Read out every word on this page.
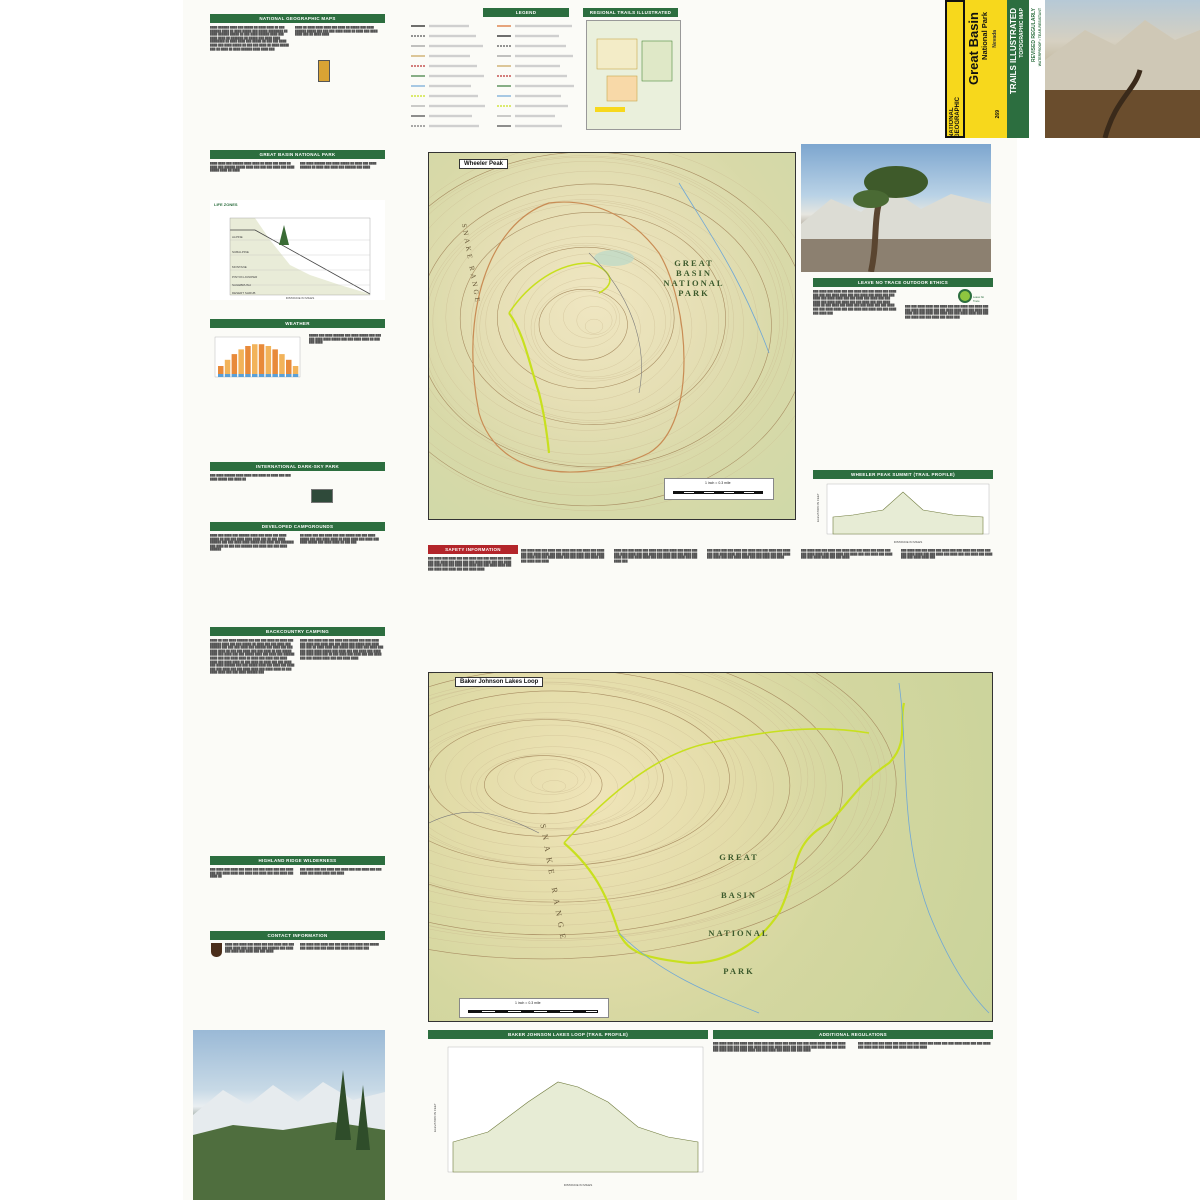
NATIONAL GEOGRAPHIC MAPS
████ ██████ ████ ███ █████ ██ ████ ████ ██ ███ ██████ ████ ██ ████ █████ ███ █████ ████████ ██ ████ ██████ █████ ██ ███ ████ ██████ ████ ███ ████ ████ ██ ███████ ██ █████ ███ ████ ████ ████████ ██ ████ ████ ███ █████ ██ ███ ███ ████ ████ ███ ████ █████ ██ ███ ███ ████ ██ ████ █████ ███ ██ ████ ██ ████ ██████ ████ ████ ███
████ ██ ████ ████ ████ ███ ████ ██ █████ ███ ████ ██████ █████ ███ ███ ███ ████ ████ ██ ████ ███ ████ ████ ███ ██ ████ ████
GREAT BASIN NATIONAL PARK
████ ████ ███ ██████ ████ ████ ██ ████ ███ ████ ██ ████ ███ ██████ █████ ████ ███ ███ ███ ████ ███ ████ █████ ████ ██ ████
███ ████ ██████ ███ ████ █████ ██ ████ ███ ████ ██████ ██ ████ ███ ████ ███ ██████ ███ ████
LIFE ZONES
ALPINE
SUBALPINE
MONTANE
PINYON-JUNIPER
SAGEBRUSH
DESERT SHRUB
DISTANCE IN MILES
WEATHER
█████ ███ ████ ██████ ███ ████ █████ ███ ███ ███ ████ ████ █████ ███ ███ ████ ████ ██ ███ ███ ████
INTERNATIONAL DARK-SKY PARK
███ ████ ██████ ████ ████ ███ ████ ██ ████ ███ ███ ████ █████ ███ ████ ██
DEVELOPED CAMPGROUNDS
████ ███ ████ ███ ██████ ████ ███ ████ ███ ████ █████ ██ ███ ███ ████ ████ ████ ███ ██ ███ ████ ██████ ███ ███ ████ ████ █████ ███ ████ ███ ███████ ███ ████ ██ ███ ███ ██████ ███ ████ ███ ███ ████ ██████
██ ████ ███ ███ ████ ███ ███ █████ ███ ███ ████ █████ ███ ███ ████ ████ ██ ████ ████ ███ ████ ███ ████ █████ ███ ████ ████ ██ ███ ███
BACKCOUNTRY CAMPING
████ ██ ███ ████ ██████ ███ ███ ███ ████ ██ ████ ███ ██████ ████ ███ ███ █████ ██ ████ ███ ███ ████ ███ ██████ ███ ███ ███ ████ ███ ██████ ███ ████ ███ ███ ████ ████ ██ ███ ███ ████ ███ ███ ████ ██ ███ █████ ████ ███ ████ ███ ███ █████ ████ ███ ████ ███ ██████ ████ ███ ███ ████ ████ ██ ████ ███ ████ ███ ████ ████ ███ ████ ████ ██ ███ ████ ██ ████ ███ ███ ████ ███ ████ ██████ ███ ███ █████ ████ ███ ████ ███ ████ ███ ███ ████ ███ ███ ████ ████ ███ ████ ████ ██ ███ ████ ████ ███ ███ ████ ██████ ███
████ ███ ████ ███ ███ ████ ███ █████ ███ ███ ████ ███ ████ ███ ████ ███ ███ ████ ███ █████ ███ ████ ███ ███ ██ ████ ████ ███ █████ ███ ████ ███ ████ ███ ███ ████ ████ █████ ███ ████ ███ ███ ████ ███ ████ ███ ████ ████ ███ ██ ███ ████ ███ ████ ███ ███ ████ ███ ███ █████ ████ ███ ███ ████ ████
HIGHLAND RIDGE WILDERNESS
███ ████ ███ ████ ███ ████ ███ ███ ████ ███ ███ ████ ███ ███ ████ ████ ███ ████ ███ ████ ███ ███ ████ ███ ████ ██
███ ████ ███ ███ ████ ███ ████ ███ ███ ████ ███ ███ ████ ███ ████ ████ ███ ████
CONTACT INFORMATION
████ ███ ████ ███ ████ ███ ███ ████ ███ ███ ████ ████ ███ ███ ████ ███ ██████ ███ ████ ███ ████ ███ ████ ███ ███ ████
███ ████ ███ ████ ███ ███ ████ ███ ████ ███ █████ ███ ████ ███ ███ ████ ███ ████ ███ ████ ███
LEGEND	REGIONAL TRAILS ILLUSTRATED
NATIONAL GEOGRAPHIC
Great Basin National Park Nevada TRAILS ILLUSTRATED TOPOGRAPHIC MAP REVISED REGULARLY WATERPROOF • TEAR-RESISTANT
269
LEAVE NO TRACE OUTDOOR ETHICS
Leave No Trace
███ ████ ███ ████ ███ ███ ████ ███ ███ ████ ███ ████ ███ ███ ███ ████ ████ ███ ███ ████ ███ ████ ███ ███ ████ ███ ████ ████ ███ ███ ████ ███ ████ ███ ███ ████ ███ ████ ███ ████ ███ ███ ████ ███ ███ ████ ████ ██ ███ ████ ███ ████ ███ ███ ████ ███ ███ ████ ███ ███ ████ ████ ███ ███ ████ ███ ████ ███ ███ ████ ███ ████ ███
███ ███ ████ ████ ███ ████ ███ ███ ████ ███ ████ ███ ███ ████ ███ ████ ███ ███ ████ ████ ███ ███ ████ ███ ████ ███ ███ ████ ███ ████ ███ ███ ████ ████ ███ ███ ███ ████ ███ ███ ████ ███ ████ ███
WHEELER PEAK SUMMIT (TRAIL PROFILE)
DISTANCE IN MILES
ELEVATION IN FEET
Wheeler Peak
GREAT
BASIN
NATIONAL
PARK
SNAKE RANGE
1 inch = 0.3 mile
SAFETY INFORMATION
███ ████ ███ ████ ███ ███ ████ ███ ███ ████ ███ ████ ███ ███ ████ ███ ████ ███ ███ ████ ████ ███ ███ ████ ███ ████ ███ ███ ████ ███ ████ ███ ███ ████ ████ ███ ███ ████ ███ ████ ███ ███ ████ ████
███ ████ ███ ███ ████ ███ ████ ███ ███ ████ ███ ████ ███ ███ ████ ████ ███ ███ ████ ███ ████ ███ ███ ████ ███ ████ ███ ███ ████ ████ ███ ███ ████ ███ ████ ███ ███ ████ ███ ████
████ ███ ███ ████ ███ ████ ███ ███ ████ ███ ████ ███ ███ ████ ████ ███ ███ ████ ███ ████ ███ ███ ████ ███ ████ ███ ███ ████ ████ ███ ███ ████ ███ ████ ███ ███ ████ ███
███ ████ ███ ███ ████ ███ ████ ███ ███ ████ ███ ████ ███ ███ ████ ████ ███ ███ ████ ███ ████ ███ ███ ████ ███ ████ ███ ███ ████ ████ ███ ███ ████ ███ ████
███ ████ ███ ███ ████ ███ ████ ███ ███ ████ ███ ████ ███ ███ ████ ████ ███ ███ ████ ███ ████ ███ ███ ████ ███ ████ ███ ███ ████ ████ ███ ███ ████
███ ████ ███ ███ ████ ███ ████ ███ ███ ████ ███ ████ ███ ███ ████ ████ ███ ███ ████ ███ ████ ███ ███ ████ ███ ████ ███ ███ ████ ████ ███
Baker Johnson Lakes Loop
GREAT
BASIN
NATIONAL
PARK
SNAKE RANGE
1 inch = 0.3 mile
BAKER JOHNSON LAKES LOOP (TRAIL PROFILE)
DISTANCE IN MILES
ELEVATION IN FEET
ADDITIONAL REGULATIONS
███ ████ ███ ███ ████ ███ ████ ███ ███ ████ ███ ████ ███ ███ ████ ████ ███ ███ ████ ███ ████ ███ ███ ████ ███ ████ ███ ███ ████ ████ ███ ███ ████ ███ ████ ███ ███ ████ ███ ████ ███ ███ ████ ████ ███ ███ ████ ███ ████ ███ ███ ████
███ ████ ███ ███ ████ ███ ████ ███ ███ ████ ███ ████ ███ ███ ████ ████ ███ ███ ████ ███ ████ ███ ███ ████ ███ ████ ███ ███ ████
